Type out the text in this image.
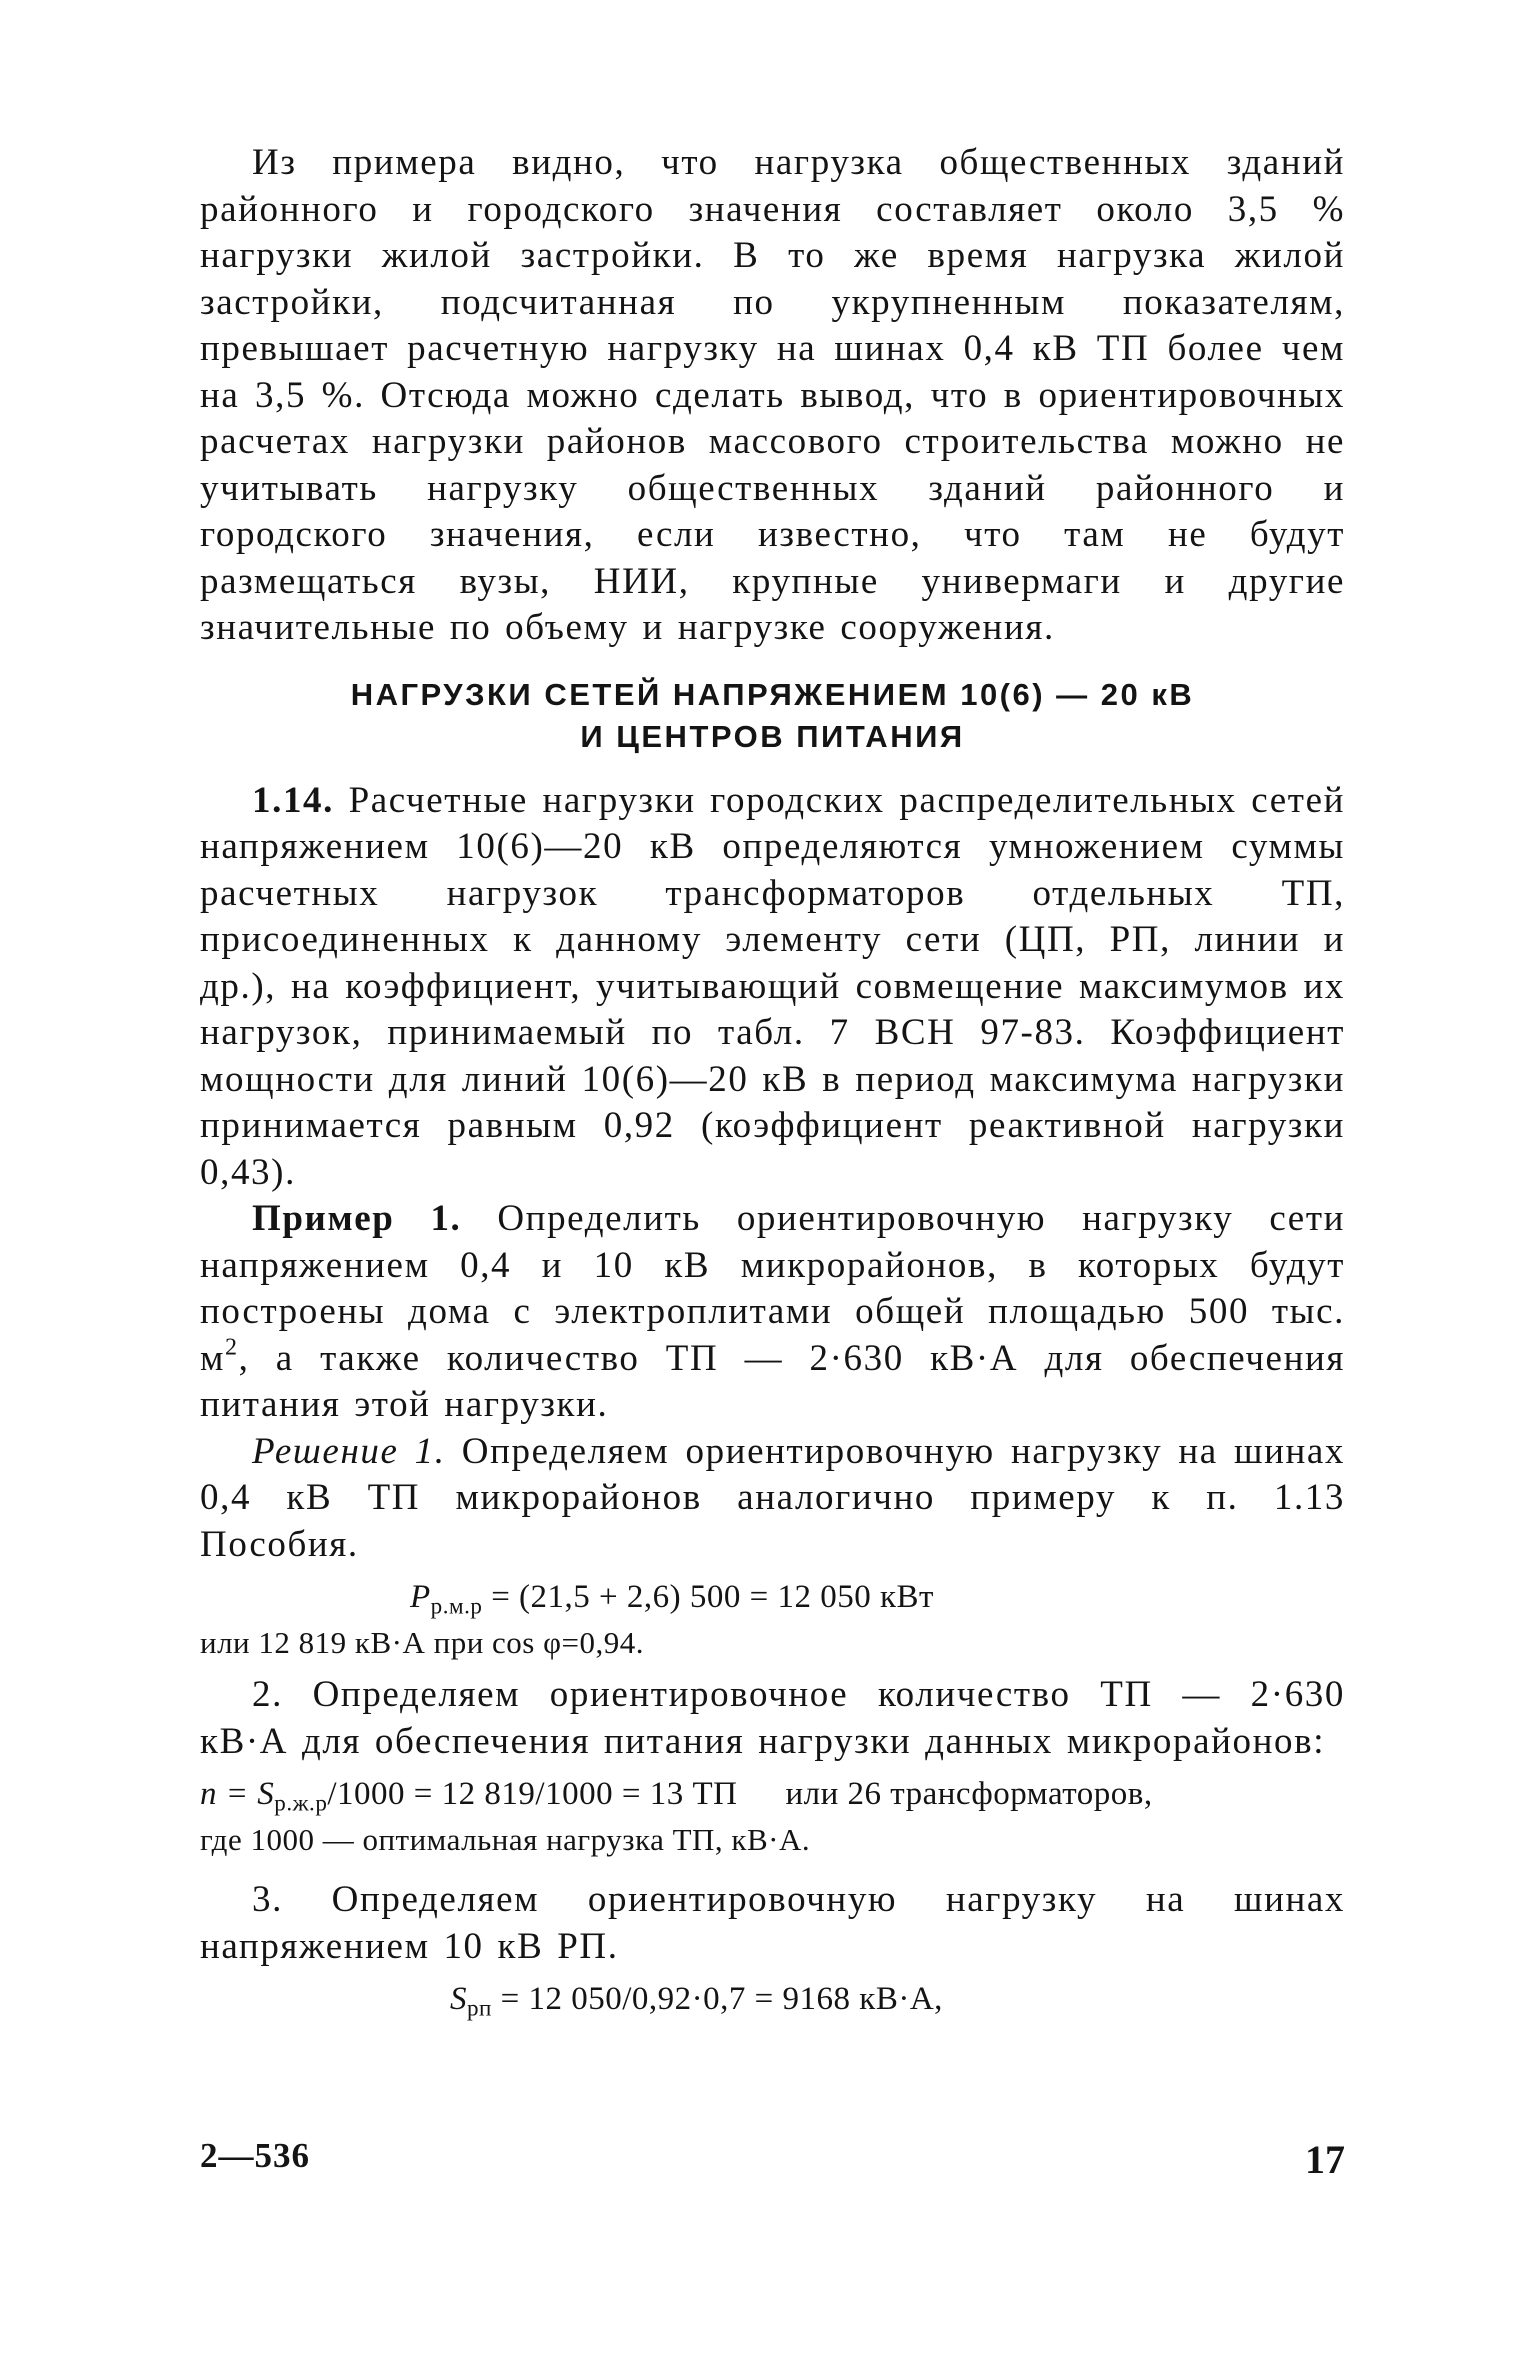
Из примера видно, что нагрузка общественных зданий районного и городского значения составляет около 3,5 % нагрузки жилой застройки. В то же время нагрузка жилой застройки, подсчитанная по укрупненным показателям, превышает расчетную нагрузку на шинах 0,4 кВ ТП более чем на 3,5 %. Отсюда можно сделать вывод, что в ориентировочных расчетах нагрузки районов массового строительства можно не учитывать нагрузку общественных зданий районного и городского значения, если известно, что там не будут размещаться вузы, НИИ, крупные универмаги и другие значительные по объему и нагрузке сооружения.

НАГРУЗКИ СЕТЕЙ НАПРЯЖЕНИЕМ 10(6) — 20 кВ
И ЦЕНТРОВ ПИТАНИЯ

1.14. Расчетные нагрузки городских распределительных сетей напряжением 10(6)—20 кВ определяются умножением суммы расчетных нагрузок трансформаторов отдельных ТП, присоединенных к данному элементу сети (ЦП, РП, линии и др.), на коэффициент, учитывающий совмещение максимумов их нагрузок, принимаемый по табл. 7 ВСН 97-83. Коэффициент мощности для линий 10(6)—20 кВ в период максимума нагрузки принимается равным 0,92 (коэффициент реактивной нагрузки 0,43).

Пример 1. Определить ориентировочную нагрузку сети напряжением 0,4 и 10 кВ микрорайонов, в которых будут построены дома с электроплитами общей площадью 500 тыс. $м^2$, а также количество ТП — 2·630 кВ·А для обеспечения питания этой нагрузки.

Решение 1. Определяем ориентировочную нагрузку на шинах 0,4 кВ ТП микрорайонов аналогично примеру к п. 1.13 Пособия.

$P_{р.м.р} = (21,5 + 2,6) 500 = 12$ 050 кВт
или 12 819 кВ·А при cos φ=0,94.

2. Определяем ориентировочное количество ТП — 2·630 кВ·А для обеспечения питания нагрузки данных микрорайонов:

$n = S_{р.ж.р}/1000 = 12$ 819/1000 = 13 ТП или 26 трансформаторов,
где 1000 — оптимальная нагрузка ТП, кВ·А.

3. Определяем ориентировочную нагрузку на шинах напряжением 10 кВ РП.

$S_{рп} = 12$ 050/0,92·0,7 = 9168 кВ·А,
2—536	17
